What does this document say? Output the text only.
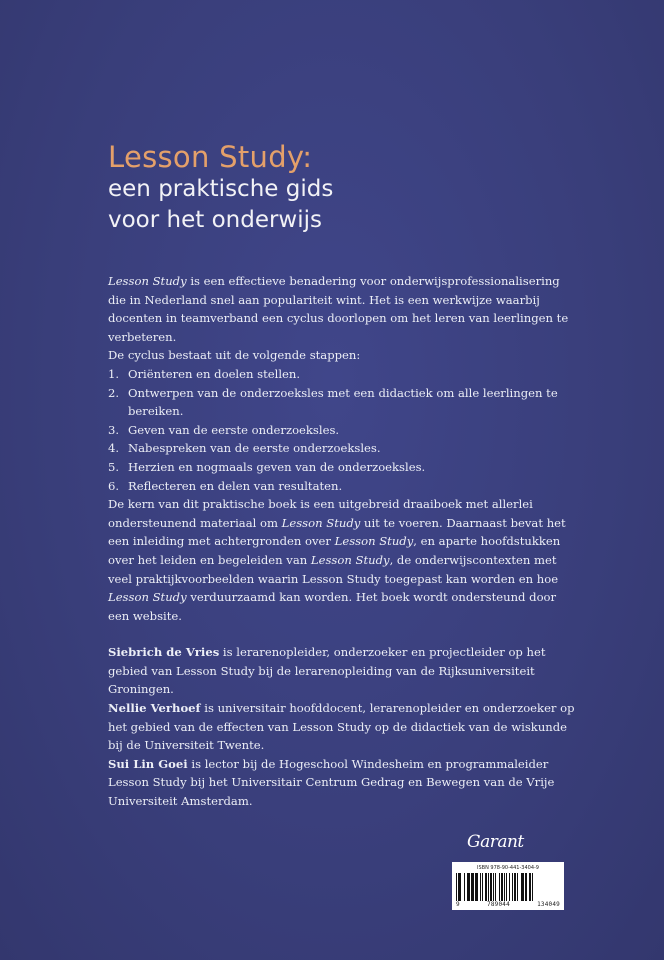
Lesson Study:

een praktische gids

voor het onderwijs

Lesson Study is een effectieve benadering voor onderwijsprofessionalisering die in Nederland snel aan populariteit wint. Het is een werkwijze waarbij docenten in teamverband een cyclus doorlopen om het leren van leerlingen te verbeteren.

De cyclus bestaat uit de volgende stappen:

1. Oriënteren en doelen stellen.
2. Ontwerpen van de onderzoeksles met een didactiek om alle leerlingen te bereiken.
3. Geven van de eerste onderzoeksles.
4. Nabespreken van de eerste onderzoeksles.
5. Herzien en nogmaals geven van de onderzoeksles.
6. Reflecteren en delen van resultaten.

De kern van dit praktische boek is een uitgebreid draaiboek met allerlei ondersteunend materiaal om Lesson Study uit te voeren. Daarnaast bevat het een inleiding met achtergronden over Lesson Study, en aparte hoofdstukken over het leiden en begeleiden van Lesson Study, de onderwijscontexten met veel praktijkvoorbeelden waarin Lesson Study toegepast kan worden en hoe Lesson Study verduurzaamd kan worden. Het boek wordt ondersteund door een website.

Siebrich de Vries is lerarenopleider, onderzoeker en projectleider op het gebied van Lesson Study bij de lerarenopleiding van de Rijksuniversiteit Groningen.

Nellie Verhoef is universitair hoofddocent, lerarenopleider en onderzoeker op het gebied van de effecten van Lesson Study op de didactiek van de wiskunde bij de Universiteit Twente.

Sui Lin Goei is lector bij de Hogeschool Windesheim en programmaleider Lesson Study bij het Universitair Centrum Gedrag en Bewegen van de Vrije Universiteit Amsterdam.

Garant
ISBN 978-90-441-3404-9
9	789044	134049
